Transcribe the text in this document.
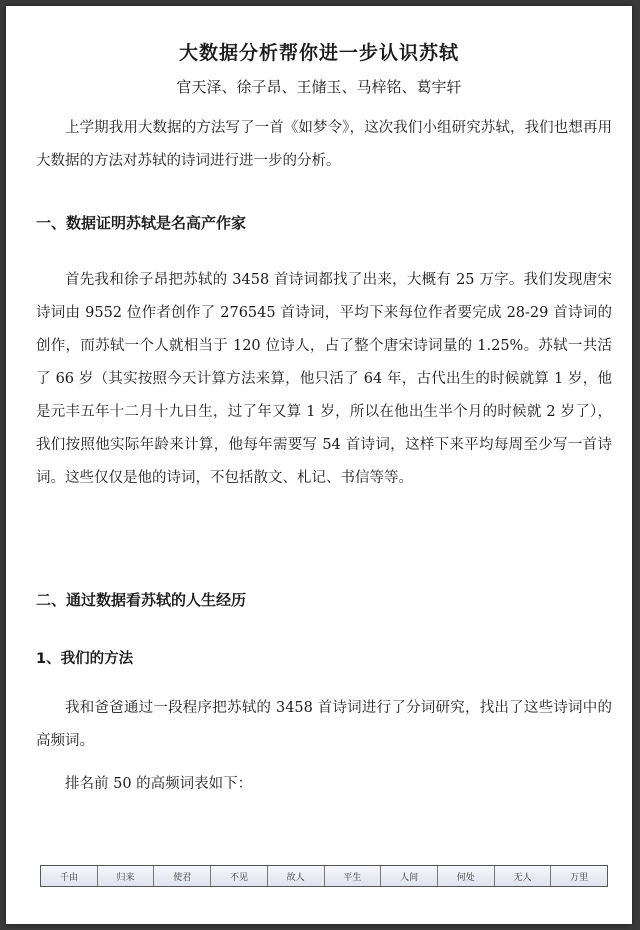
大数据分析帮你进一步认识苏轼
官天泽、徐子昂、王储玉、马梓铭、葛宇轩

上学期我用大数据的方法写了一首《如梦令》，这次我们小组研究苏轼，我们也想再用大数据的方法对苏轼的诗词进行进一步的分析。

一、数据证明苏轼是名高产作家

首先我和徐子昂把苏轼的 3458 首诗词都找了出来，大概有 25 万字。我们发现唐宋诗词由 9552 位作者创作了 276545 首诗词，平均下来每位作者要完成 28-29 首诗词的创作，而苏轼一个人就相当于 120 位诗人，占了整个唐宋诗词量的 1.25%。苏轼一共活了 66 岁（其实按照今天计算方法来算，他只活了 64 年，古代出生的时候就算 1 岁，他是元丰五年十二月十九日生，过了年又算 1 岁，所以在他出生半个月的时候就 2 岁了），我们按照他实际年龄来计算，他每年需要写 54 首诗词，这样下来平均每周至少写一首诗词。这些仅仅是他的诗词，不包括散文、札记、书信等等。

二、通过数据看苏轼的人生经历
1、我们的方法

我和爸爸通过一段程序把苏轼的 3458 首诗词进行了分词研究，找出了这些诗词中的高频词。

排名前 50 的高频词表如下：

千由	归来	使君	不见	故人	平生	人间	何处	无人	万里
